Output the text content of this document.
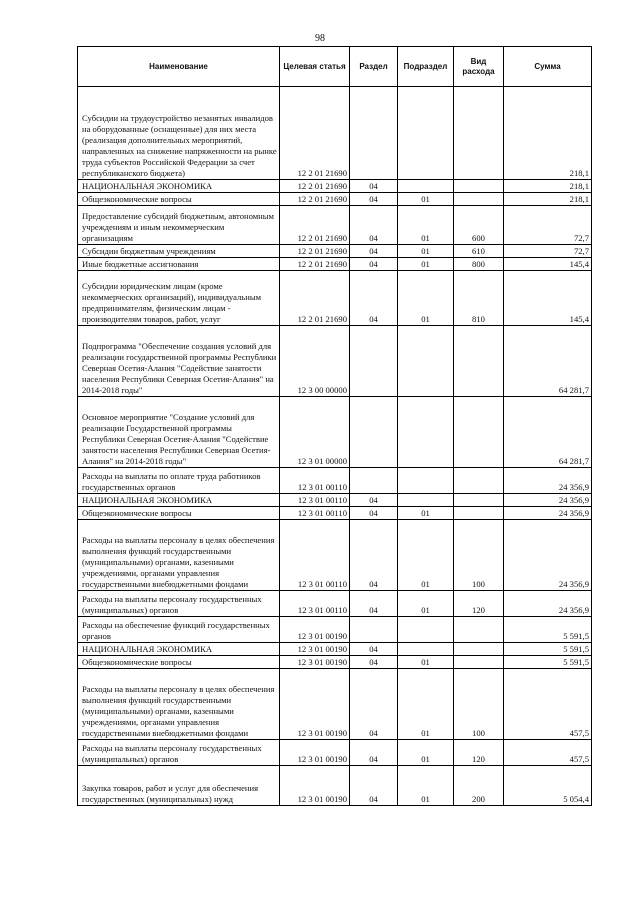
98
Наименование	Целевая статья	Раздел	Подраздел	Вид расхода	Сумма
Субсидии на трудоустройство незанятых инвалидов на оборудованные (оснащенные) для них места (реализация дополнительных мероприятий, направленных на снижение напряженности на рынке труда субъектов Российской Федерации за счет республиканского бюджета)	12 2 01 21690				218,1
НАЦИОНАЛЬНАЯ ЭКОНОМИКА	12 2 01 21690	04			218,1
Общеэкономические вопросы	12 2 01 21690	04	01		218,1
Предоставление субсидий бюджетным, автономным учреждениям и иным некоммерческим организациям	12 2 01 21690	04	01	600	72,7
Субсидии бюджетным учреждениям	12 2 01 21690	04	01	610	72,7
Иные бюджетные ассигнования	12 2 01 21690	04	01	800	145,4
Субсидии юридическим лицам (кроме некоммерческих организаций), индивидуальным предпринимателям, физическим лицам - производителям товаров, работ, услуг	12 2 01 21690	04	01	810	145,4
Подпрограмма "Обеспечение создания условий для реализации государственной программы Республики Северная Осетия-Алания "Содействие занятости населения Республики Северная Осетия-Алания" на 2014-2018 годы"	12 3 00 00000				64 281,7
Основное мероприятие "Создание условий для реализации Государственной программы Республики Северная Осетия-Алания "Содействие занятости населения Республики Северная Осетия-Алания" на 2014-2018 годы"	12 3 01 00000				64 281,7
Расходы на выплаты по оплате труда работников государственных органов	12 3 01 00110				24 356,9
НАЦИОНАЛЬНАЯ ЭКОНОМИКА	12 3 01 00110	04			24 356,9
Общеэкономические вопросы	12 3 01 00110	04	01		24 356,9
Расходы на выплаты персоналу в целях обеспечения выполнения функций государственными (муниципальными) органами, казенными учреждениями, органами управления государственными внебюджетными фондами	12 3 01 00110	04	01	100	24 356,9
Расходы на выплаты персоналу государственных (муниципальных) органов	12 3 01 00110	04	01	120	24 356,9
Расходы на обеспечение функций государственных органов	12 3 01 00190				5 591,5
НАЦИОНАЛЬНАЯ ЭКОНОМИКА	12 3 01 00190	04			5 591,5
Общеэкономические вопросы	12 3 01 00190	04	01		5 591,5
Расходы на выплаты персоналу в целях обеспечения выполнения функций государственными (муниципальными) органами, казенными учреждениями, органами управления государственными внебюджетными фондами	12 3 01 00190	04	01	100	457,5
Расходы на выплаты персоналу государственных (муниципальных) органов	12 3 01 00190	04	01	120	457,5
Закупка товаров, работ и услуг для обеспечения государственных (муниципальных) нужд	12 3 01 00190	04	01	200	5 054,4
